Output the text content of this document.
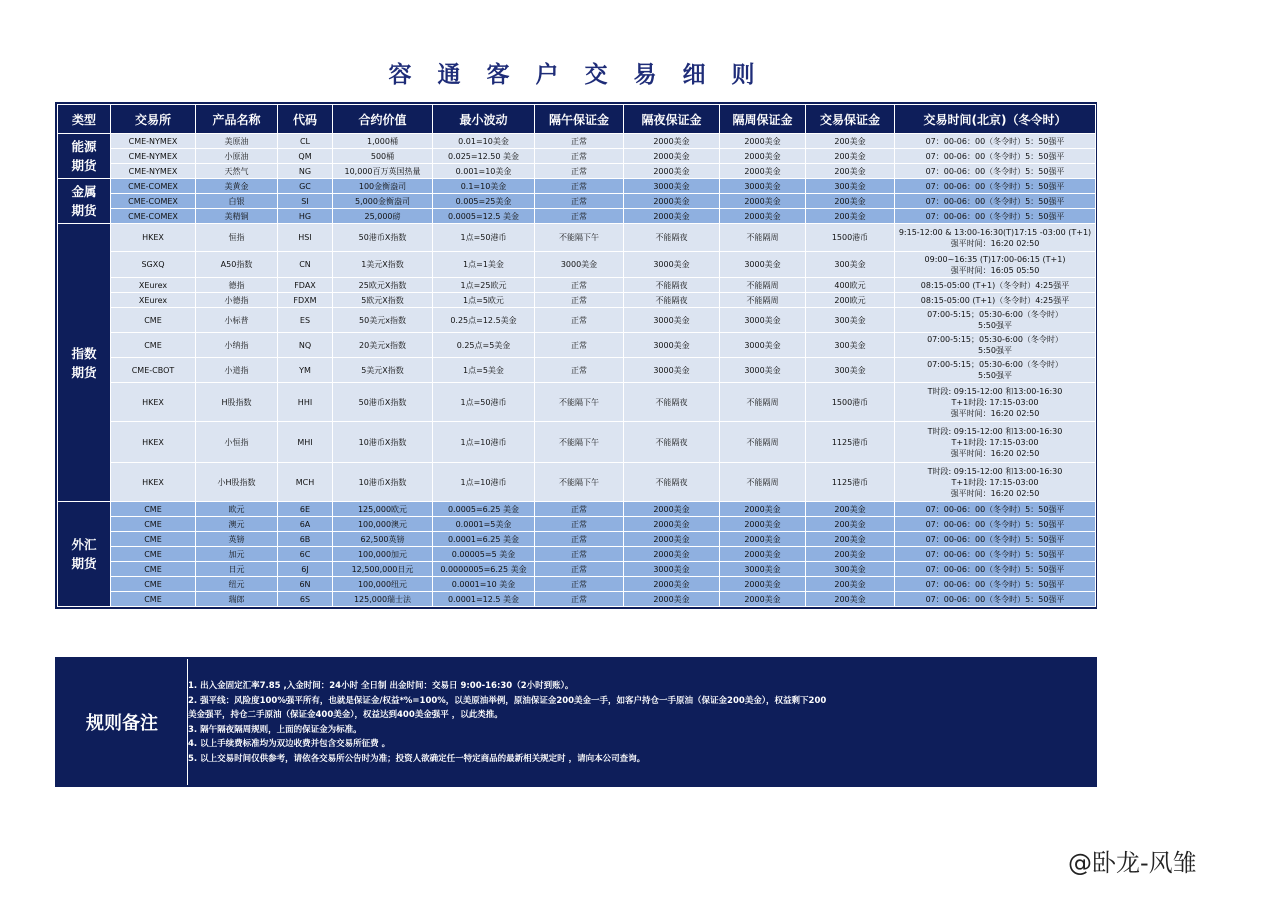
容 通 客 户 交 易 细 则
类型	交易所	产品名称	代码	合约价值	最小波动	隔午保证金	隔夜保证金	隔周保证金	交易保证金	交易时间(北京)（冬令时）

能源
期货	CME-NYMEX	美原油	CL	1,000桶	0.01=10美金	正常	2000美金	2000美金	200美金	07：00-06：00（冬令时）5：50强平
	CME-NYMEX	小原油	QM	500桶	0.025=12.50 美金	正常	2000美金	2000美金	200美金	07：00-06：00（冬令时）5：50强平
	CME-NYMEX	天然气	NG	10,000百万英国热量	0.001=10美金	正常	2000美金	2000美金	200美金	07：00-06：00（冬令时）5：50强平

金属
期货	CME-COMEX	美黄金	GC	100金衡盎司	0.1=10美金	正常	3000美金	3000美金	300美金	07：00-06：00（冬令时）5：50强平
	CME-COMEX	白银	SI	5,000金衡盎司	0.005=25美金	正常	2000美金	2000美金	200美金	07：00-06：00（冬令时）5：50强平
	CME-COMEX	美精铜	HG	25,000磅	0.0005=12.5 美金	正常	2000美金	2000美金	200美金	07：00-06：00（冬令时）5：50强平

指数
期货	HKEX	恒指	HSI	50港币X指数	1点=50港币	不能隔下午	不能隔夜	不能隔周	1500港币	9:15-12:00 & 13:00-16:30(T)17:15 -03:00 (T+1)
强平时间：16:20 02:50

	SGXQ	A50指数	CN	1美元X指数	1点=1美金	3000美金	3000美金	3000美金	300美金	09:00~16:35 (T)17:00-06:15 (T+1)
强平时间：16:05 05:50

	XEurex	德指	FDAX	25欧元X指数	1点=25欧元	正常	不能隔夜	不能隔周	400欧元	08:15-05:00 (T+1)（冬令时）4:25强平
	XEurex	小德指	FDXM	5欧元X指数	1点=5欧元	正常	不能隔夜	不能隔周	200欧元	08:15-05:00 (T+1)（冬令时）4:25强平
	CME	小标普	ES	50美元x指数	0.25点=12.5美金	正常	3000美金	3000美金	300美金	07:00-5:15；05:30-6:00（冬令时）
5:50强平

	CME	小纳指	NQ	20美元x指数	0.25点=5美金	正常	3000美金	3000美金	300美金	07:00-5:15；05:30-6:00（冬令时）
5:50强平

	CME-CBOT	小道指	YM	5美元X指数	1点=5美金	正常	3000美金	3000美金	300美金	07:00-5:15；05:30-6:00（冬令时）
5:50强平

	HKEX	H股指数	HHI	50港币X指数	1点=50港币	不能隔下午	不能隔夜	不能隔周	1500港币	T时段: 09:15-12:00 和13:00-16:30
T+1时段: 17:15-03:00
强平时间：16:20 02:50

	HKEX	小恒指	MHI	10港币X指数	1点=10港币	不能隔下午	不能隔夜	不能隔周	1125港币	T时段: 09:15-12:00 和13:00-16:30
T+1时段: 17:15-03:00
强平时间：16:20 02:50

	HKEX	小H股指数	MCH	10港币X指数	1点=10港币	不能隔下午	不能隔夜	不能隔周	1125港币	T时段: 09:15-12:00 和13:00-16:30
T+1时段: 17:15-03:00
强平时间：16:20 02:50

外汇
期货	CME	欧元	6E	125,000欧元	0.0005=6.25 美金	正常	2000美金	2000美金	200美金	07：00-06：00（冬令时）5：50强平
	CME	澳元	6A	100,000澳元	0.0001=5美金	正常	2000美金	2000美金	200美金	07：00-06：00（冬令时）5：50强平
	CME	英镑	6B	62,500英镑	0.0001=6.25 美金	正常	2000美金	2000美金	200美金	07：00-06：00（冬令时）5：50强平
	CME	加元	6C	100,000加元	0.00005=5 美金	正常	2000美金	2000美金	200美金	07：00-06：00（冬令时）5：50强平
	CME	日元	6J	12,500,000日元	0.0000005=6.25 美金	正常	3000美金	3000美金	300美金	07：00-06：00（冬令时）5：50强平
	CME	纽元	6N	100,000纽元	0.0001=10 美金	正常	2000美金	2000美金	200美金	07：00-06：00（冬令时）5：50强平
	CME	瑞郎	6S	125,000瑞士法	0.0001=12.5 美金	正常	2000美金	2000美金	200美金	07：00-06：00（冬令时）5：50强平
规则备注
1. 出入金固定汇率7.85 ,入金时间：24小时 全日制 出金时间：交易日 9:00-16:30（2小时到账）。
2. 强平线：风险度100%强平所有，也就是保证金/权益*%=100%，以美原油举例，原油保证金200美金一手，如客户持仓一手原油（保证金200美金），权益剩下200
美金强平，持仓二手原油（保证金400美金），权益达到400美金强平 ，以此类推。
3. 隔午隔夜隔周规则，上面的保证金为标准。
4. 以上手续费标准均为双边收费并包含交易所征费 。
5. 以上交易时间仅供参考，请依各交易所公告时为准；投资人欲确定任一特定商品的最新相关规定时 ，请向本公司查询。
@卧龙-风雏
